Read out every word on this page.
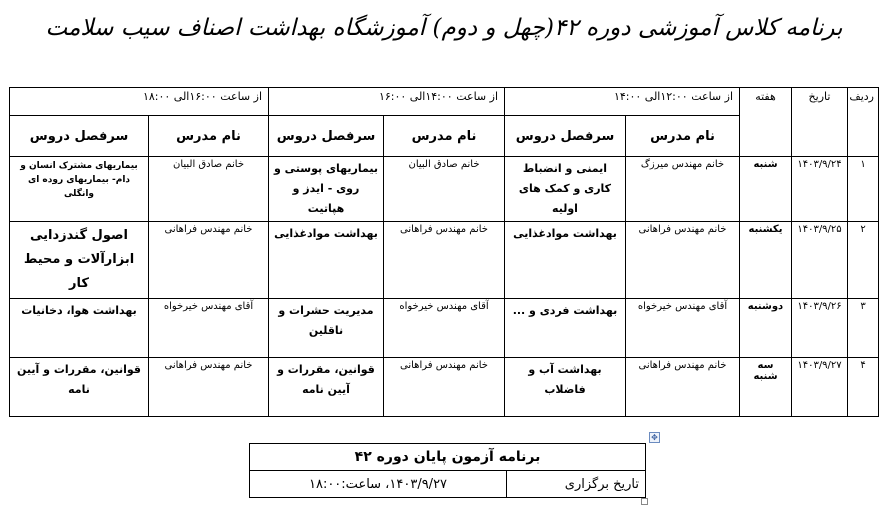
برنامه کلاس آموزشی دوره ۴۲(چهل و دوم) آموزشگاه بهداشت اصناف سیب سلامت
ردیف	تاریخ	هفته	از ساعت ۱۲:۰۰الی ۱۴:۰۰		از ساعت ۱۴:۰۰الی ۱۶:۰۰		از ساعت ۱۶:۰۰الی ۱۸:۰۰	
			نام مدرس	سرفصل دروس	نام مدرس	سرفصل دروس	نام مدرس	سرفصل دروس
۱	۱۴۰۳/۹/۲۴	شنبه	خانم مهندس میرزگ	ایمنی و انضباط کاری و کمک های اولیه	خانم صادق البیان	بیماریهای پوستی و روی - ایدز و هپاتیت	خانم صادق البیان	بیماریهای مشترک انسان و دام- بیماریهای روده ای وانگلی
۲	۱۴۰۳/۹/۲۵	یکشنبه	خانم مهندس فراهانی	بهداشت موادغذایی	خانم مهندس فراهانی	بهداشت موادغذایی	خانم مهندس فراهانی	اصول گندزدایی ابزارآلات و محیط کار
۳	۱۴۰۳/۹/۲۶	دوشنبه	آقای مهندس خیرخواه	بهداشت فردی و ...	آقای مهندس خیرخواه	مدیریت حشرات و ناقلین	آقای مهندس خیرخواه	بهداشت هوا، دخانیات
۴	۱۴۰۳/۹/۲۷	سه شنبه	خانم مهندس فراهانی	بهداشت آب و فاضلاب	خانم مهندس فراهانی	قوانین، مقررات و آیین نامه	خانم مهندس فراهانی	قوانین، مقررات و آیین نامه
✥
برنامه آزمون پایان دوره ۴۲
تاریخ برگزاری	۱۴۰۳/۹/۲۷، ساعت:۱۸:۰۰
